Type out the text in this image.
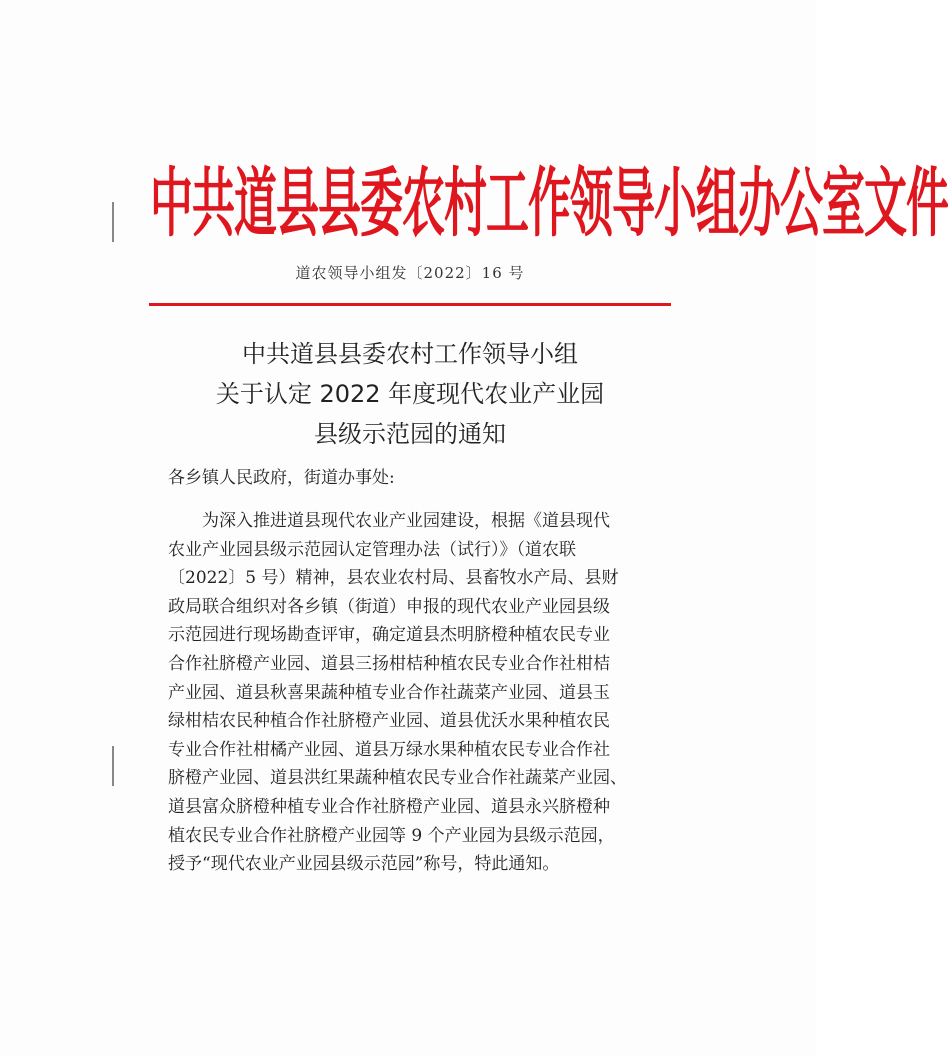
中共道县县委农村工作领导小组办公室文件
道农领导小组发〔2022〕16 号
中共道县县委农村工作领导小组
关于认定 2022 年度现代农业产业园
县级示范园的通知
各乡镇人民政府，街道办事处:
为深入推进道县现代农业产业园建设，根据《道县现代
农业产业园县级示范园认定管理办法（试行）》（道农联
〔2022〕5 号）精神，县农业农村局、县畜牧水产局、县财
政局联合组织对各乡镇（街道）申报的现代农业产业园县级
示范园进行现场勘查评审，确定道县杰明脐橙种植农民专业
合作社脐橙产业园、道县三扬柑桔种植农民专业合作社柑桔
产业园、道县秋喜果蔬种植专业合作社蔬菜产业园、道县玉
绿柑桔农民种植合作社脐橙产业园、道县优沃水果种植农民
专业合作社柑橘产业园、道县万绿水果种植农民专业合作社
脐橙产业园、道县洪红果蔬种植农民专业合作社蔬菜产业园、
道县富众脐橙种植专业合作社脐橙产业园、道县永兴脐橙种
植农民专业合作社脐橙产业园等 9 个产业园为县级示范园，
授予“现代农业产业园县级示范园”称号，特此通知。
